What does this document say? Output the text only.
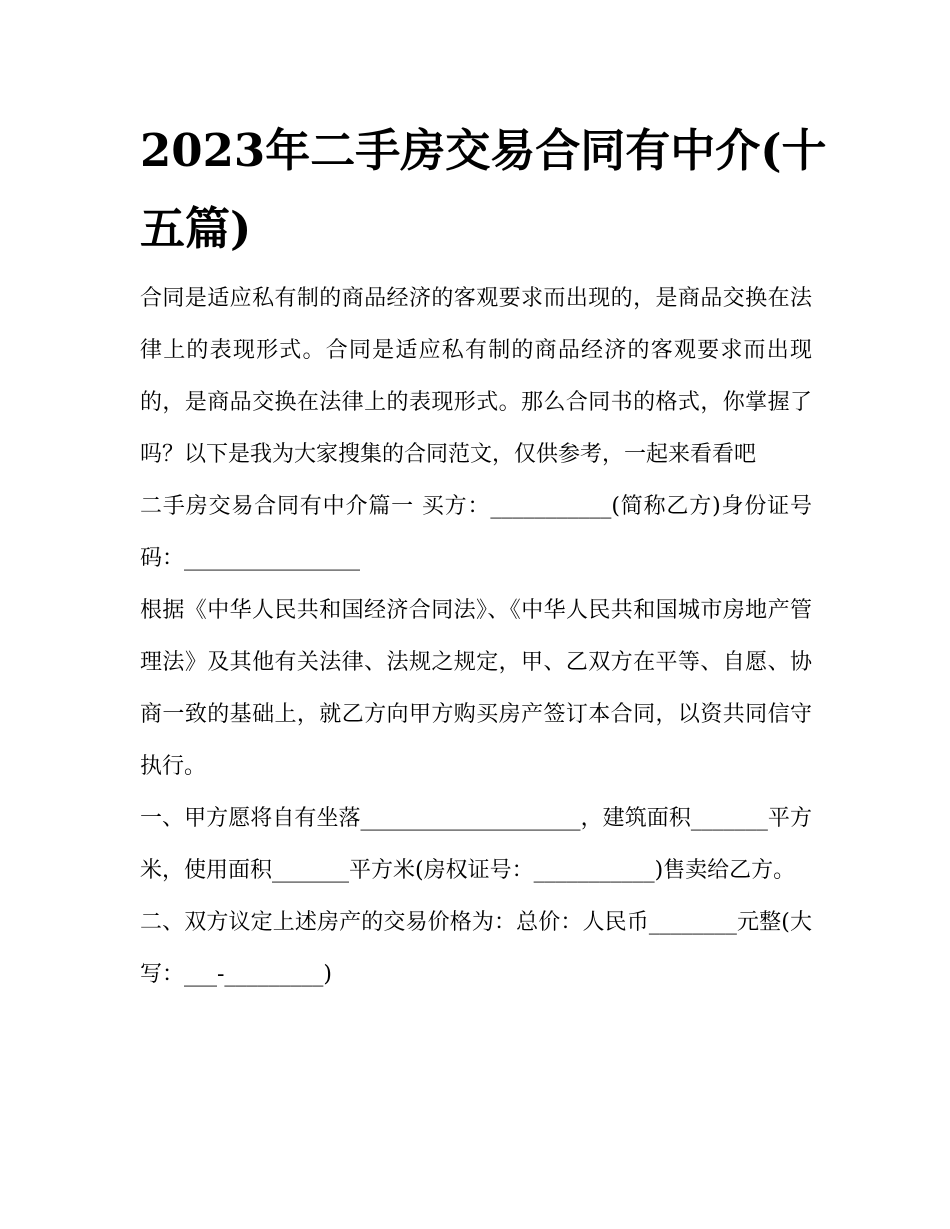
2023年二手房交易合同有中介(十五篇)

合同是适应私有制的商品经济的客观要求而出现的，是商品交换在法律上的表现形式。合同是适应私有制的商品经济的客观要求而出现的，是商品交换在法律上的表现形式。那么合同书的格式，你掌握了吗？以下是我为大家搜集的合同范文，仅供参考，一起来看看吧

二手房交易合同有中介篇一 买方：___________(简称乙方)身份证号码：________________

根据《中华人民共和国经济合同法》、《中华人民共和国城市房地产管理法》及其他有关法律、法规之规定，甲、乙双方在平等、自愿、协商一致的基础上，就乙方向甲方购买房产签订本合同，以资共同信守执行。

一、甲方愿将自有坐落____________________，建筑面积_______平方米，使用面积_______平方米(房权证号：___________)售卖给乙方。

二、双方议定上述房产的交易价格为：总价：人民币________元整(大写：___-_________)
